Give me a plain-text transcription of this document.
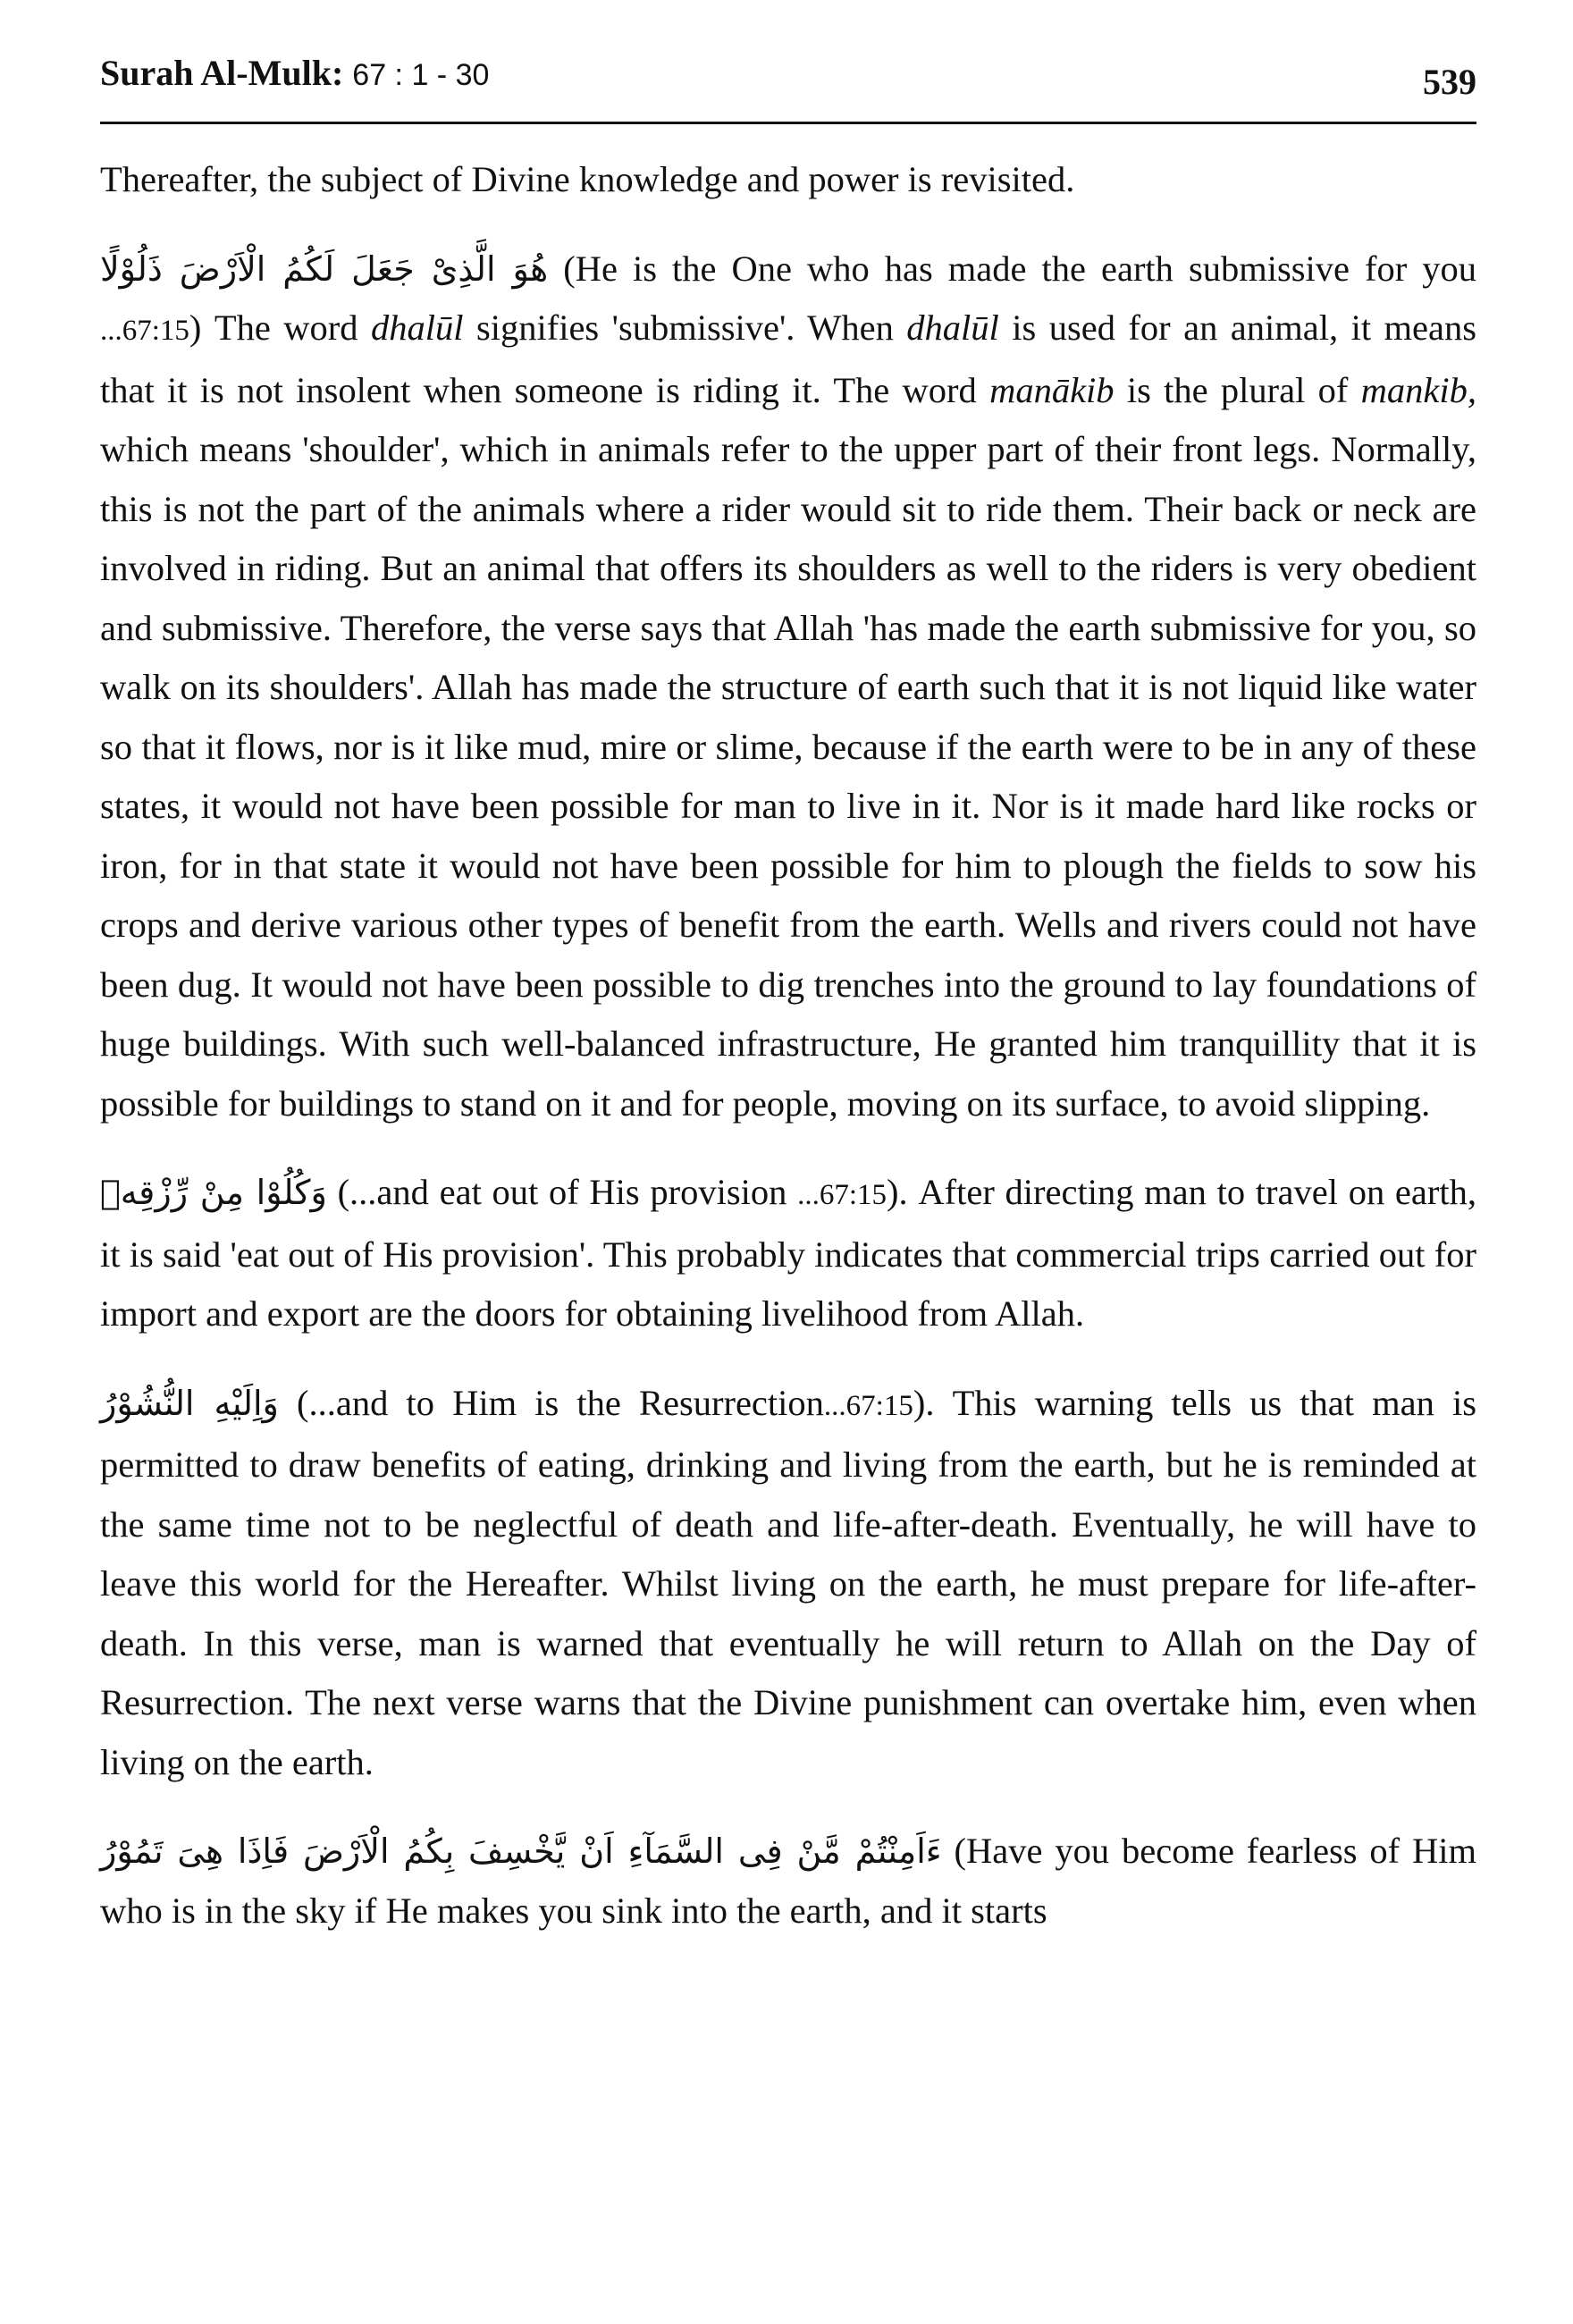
Surah Al-Mulk: 67 : 1 - 30	539

Thereafter, the subject of Divine knowledge and power is revisited.

هُوَ الَّذِىْ جَعَلَ لَكُمُ الْاَرْضَ ذَلُوْلًا (He is the One who has made the earth submissive for you ...67:15) The word dhalūl signifies 'submissive'. When dhalūl is used for an animal, it means that it is not insolent when someone is riding it. The word manākib is the plural of mankib, which means 'shoulder', which in animals refer to the upper part of their front legs. Normally, this is not the part of the animals where a rider would sit to ride them. Their back or neck are involved in riding. But an animal that offers its shoulders as well to the riders is very obedient and submissive. Therefore, the verse says that Allah 'has made the earth submissive for you, so walk on its shoulders'. Allah has made the structure of earth such that it is not liquid like water so that it flows, nor is it like mud, mire or slime, because if the earth were to be in any of these states, it would not have been possible for man to live in it. Nor is it made hard like rocks or iron, for in that state it would not have been possible for him to plough the fields to sow his crops and derive various other types of benefit from the earth. Wells and rivers could not have been dug. It would not have been possible to dig trenches into the ground to lay foundations of huge buildings. With such well-balanced infrastructure, He granted him tranquillity that it is possible for buildings to stand on it and for people, moving on its surface, to avoid slipping.

وَكُلُوْا مِنْ رِّزْقِهٖ (...and eat out of His provision ...67:15). After directing man to travel on earth, it is said 'eat out of His provision'. This probably indicates that commercial trips carried out for import and export are the doors for obtaining livelihood from Allah.

وَاِلَيْهِ النُّشُوْرُ (...and to Him is the Resurrection...67:15). This warning tells us that man is permitted to draw benefits of eating, drinking and living from the earth, but he is reminded at the same time not to be neglectful of death and life-after-death. Eventually, he will have to leave this world for the Hereafter. Whilst living on the earth, he must prepare for life-after-death. In this verse, man is warned that eventually he will return to Allah on the Day of Resurrection. The next verse warns that the Divine punishment can overtake him, even when living on the earth.

ءَاَمِنْتُمْ مَّنْ فِى السَّمَآءِ اَنْ يَّخْسِفَ بِكُمُ الْاَرْضَ فَاِذَا هِىَ تَمُوْرُ (Have you become fearless of Him who is in the sky if He makes you sink into the earth, and it starts
